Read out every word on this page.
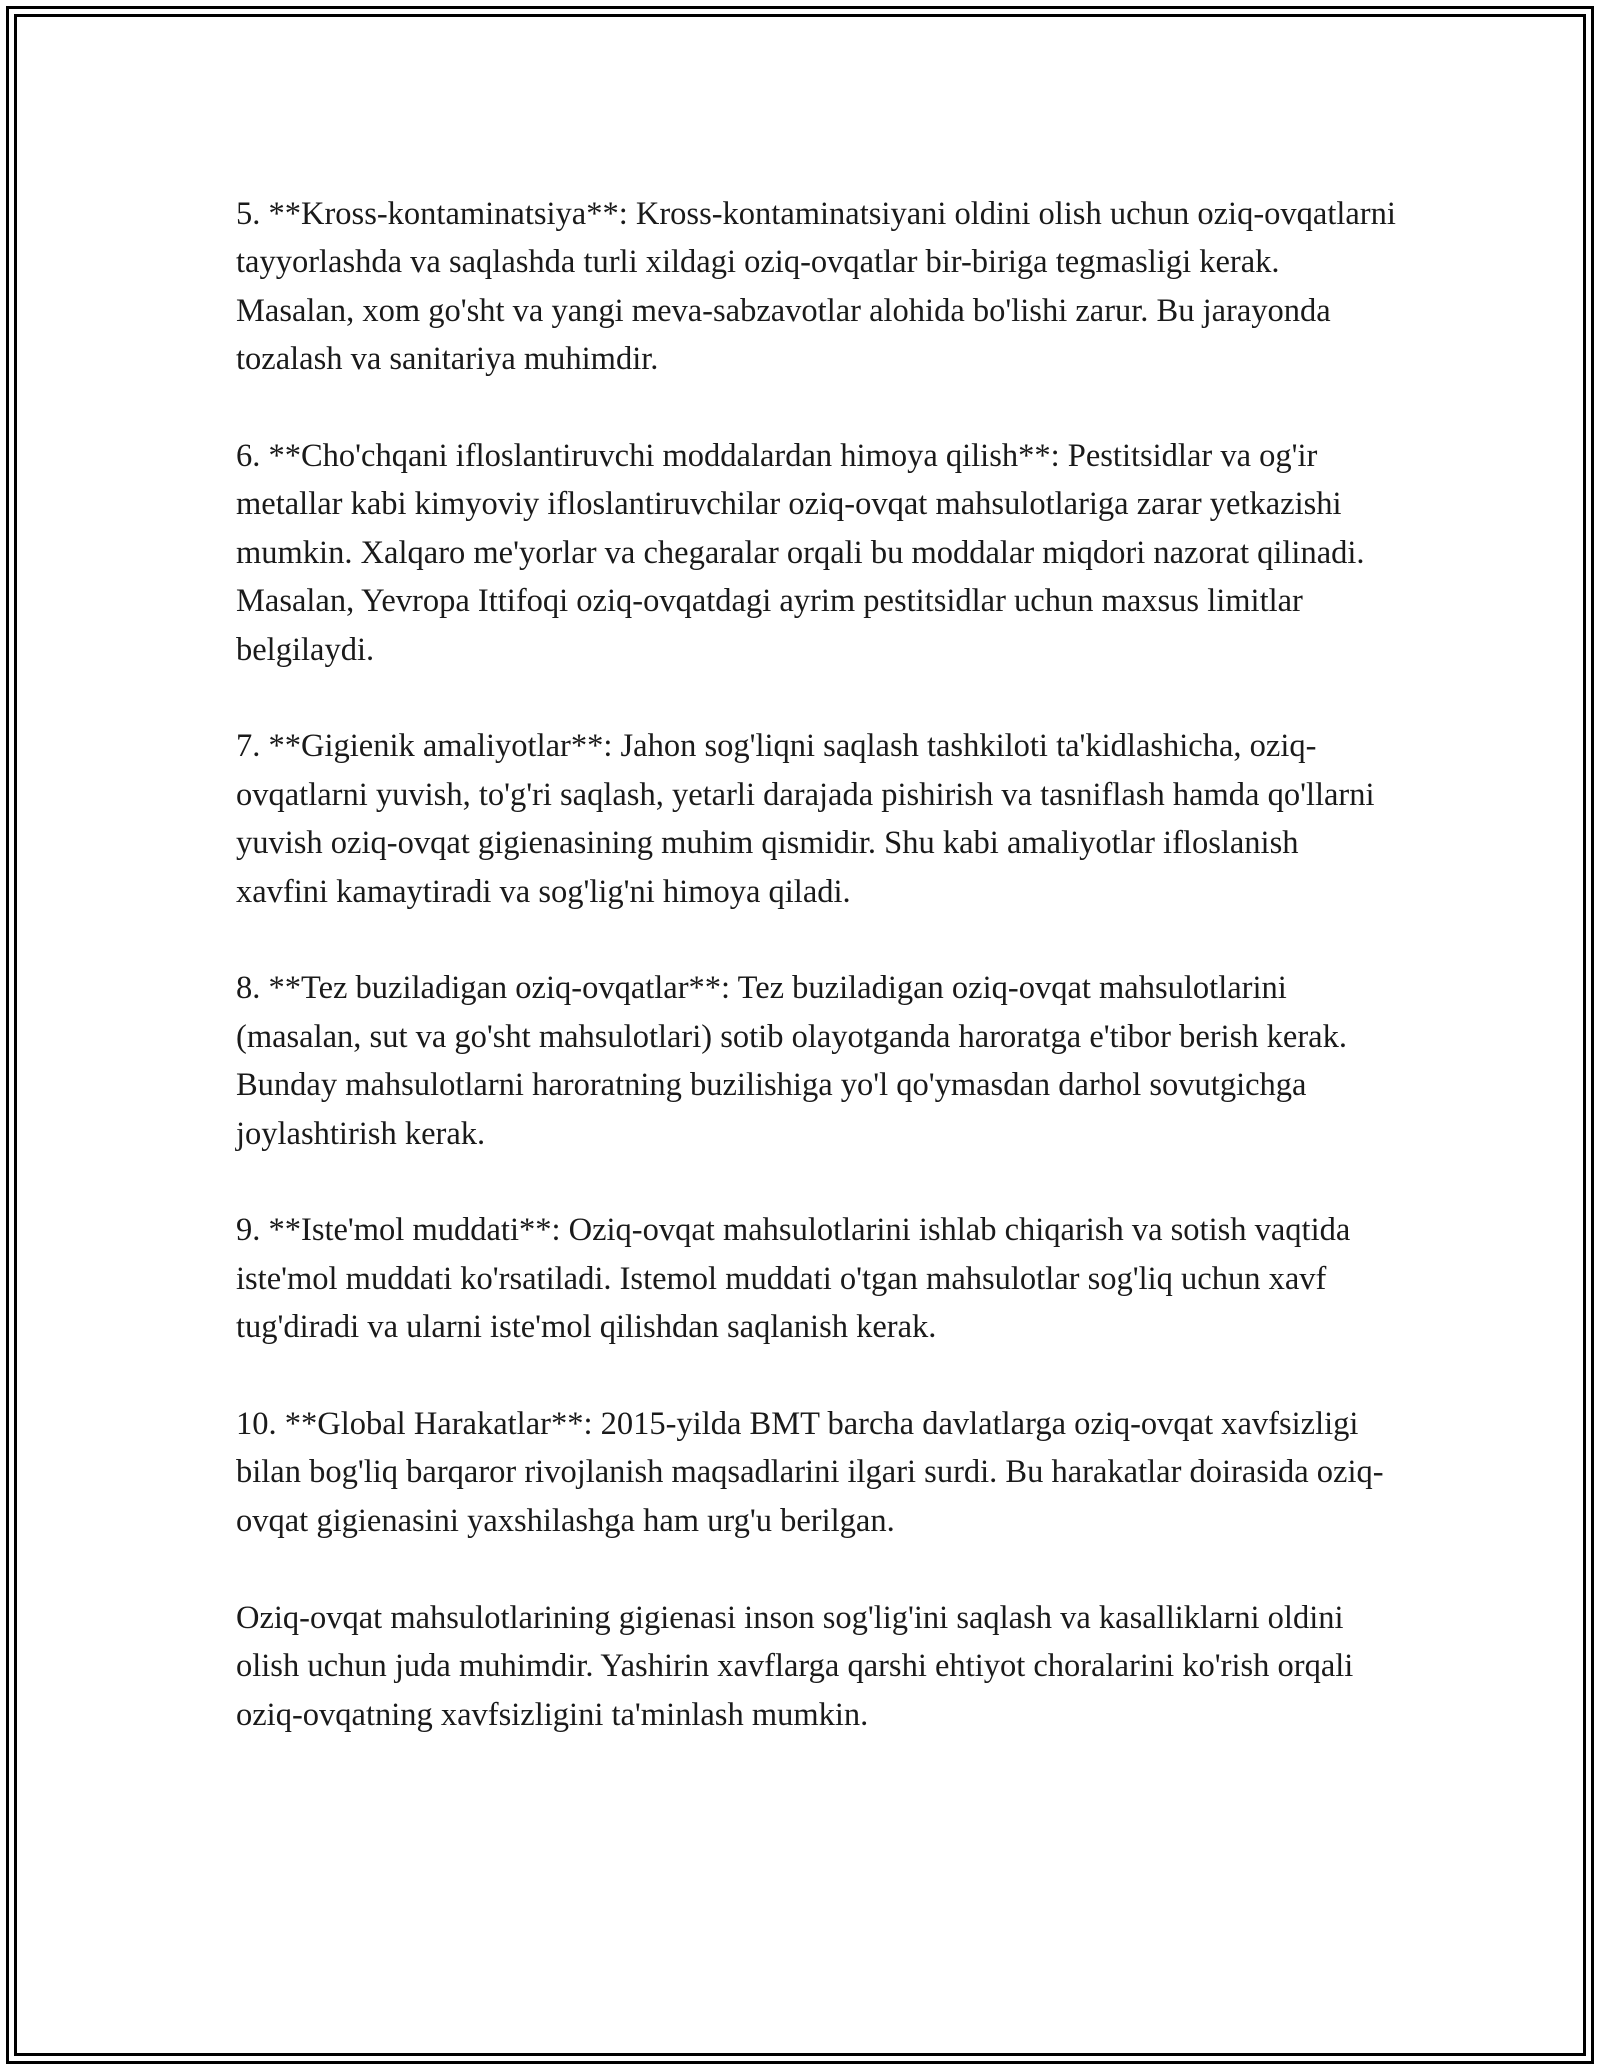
5. **Kross-kontaminatsiya**: Kross-kontaminatsiyani oldini olish uchun oziq-ovqatlarni tayyorlashda va saqlashda turli xildagi oziq-ovqatlar bir-biriga tegmasligi kerak. Masalan, xom go'sht va yangi meva-sabzavotlar alohida bo'lishi zarur. Bu jarayonda tozalash va sanitariya muhimdir.

6. **Cho'chqani ifloslantiruvchi moddalardan himoya qilish**: Pestitsidlar va og'ir metallar kabi kimyoviy ifloslantiruvchilar oziq-ovqat mahsulotlariga zarar yetkazishi mumkin. Xalqaro me'yorlar va chegaralar orqali bu moddalar miqdori nazorat qilinadi. Masalan, Yevropa Ittifoqi oziq-ovqatdagi ayrim pestitsidlar uchun maxsus limitlar belgilaydi.

7. **Gigienik amaliyotlar**: Jahon sog'liqni saqlash tashkiloti ta'kidlashicha, oziq-ovqatlarni yuvish, to'g'ri saqlash, yetarli darajada pishirish va tasniflash hamda qo'llarni yuvish oziq-ovqat gigienasining muhim qismidir. Shu kabi amaliyotlar ifloslanish xavfini kamaytiradi va sog'lig'ni himoya qiladi.

8. **Tez buziladigan oziq-ovqatlar**: Tez buziladigan oziq-ovqat mahsulotlarini (masalan, sut va go'sht mahsulotlari) sotib olayotganda haroratga e'tibor berish kerak. Bunday mahsulotlarni haroratning buzilishiga yo'l qo'ymasdan darhol sovutgichga joylashtirish kerak.

9. **Iste'mol muddati**: Oziq-ovqat mahsulotlarini ishlab chiqarish va sotish vaqtida iste'mol muddati ko'rsatiladi. Istemol muddati o'tgan mahsulotlar sog'liq uchun xavf tug'diradi va ularni iste'mol qilishdan saqlanish kerak.

10. **Global Harakatlar**: 2015-yilda BMT barcha davlatlarga oziq-ovqat xavfsizligi bilan bog'liq barqaror rivojlanish maqsadlarini ilgari surdi. Bu harakatlar doirasida oziq-ovqat gigienasini yaxshilashga ham urg'u berilgan.

Oziq-ovqat mahsulotlarining gigienasi inson sog'lig'ini saqlash va kasalliklarni oldini olish uchun juda muhimdir. Yashirin xavflarga qarshi ehtiyot choralarini ko'rish orqali oziq-ovqatning xavfsizligini ta'minlash mumkin.
